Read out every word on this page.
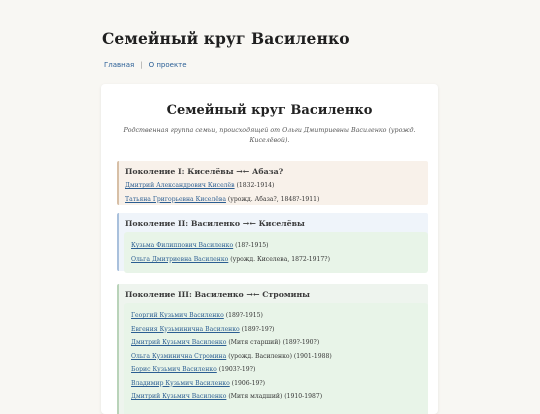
Семейный круг Василенко
Главная | О проекте
Семейный круг Василенко
Родственная группа семьи, происходящей от Ольги Дмитриевны Василенко (урожд. Киселёвой).
Поколение I: Киселёвы →← Абаза?
Дмитрий Александрович Киселёв (1832-1914)
Татьяна Григорьевна Киселёва (урожд. Абаза?, 1848?-1911)
Поколение II: Василенко →← Киселёвы
Кузьма Филиппович Василенко (18?-1915)
Ольга Дмитриевна Василенко (урожд. Киселева, 1872-1917?)
Поколение III: Василенко →← Стромины
Георгий Кузьмич Василенко (189?-1915)
Евгения Кузьминична Василенко (189?-19?)
Дмитрий Кузьмич Василенко (Митя старший) (189?-190?)
Ольга Кузминична Стромина (урожд. Василенко) (1901-1988)
Борис Кузьмич Василенко (1903?-19?)
Владимир Кузьмич Василенко (1906-19?)
Дмитрий Кузьмич Василенко (Митя младший) (1910-1987)
